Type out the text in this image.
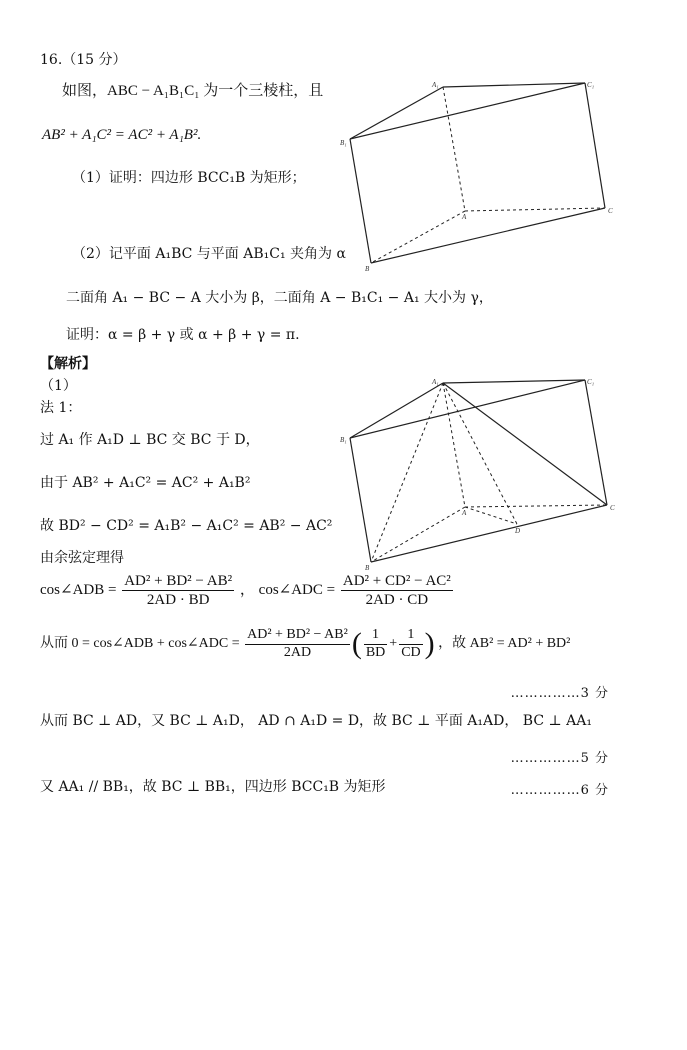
16.（15 分）
如图，ABC − A₁B₁C₁ 为一个三棱柱，且
AB² + A₁C² = AC² + A₁B².
（1）证明：四边形 BCC₁B 为矩形；
（2）记平面 A₁BC 与平面 AB₁C₁ 夹角为 α
二面角 A₁ − BC − A 大小为 β，二面角 A − B₁C₁ − A₁ 大小为 γ，
证明：α = β + γ 或 α + β + γ = π.
A₁	C₁
B₁
A
C
B
【解析】
（1）
法 1：
过 A₁ 作 A₁D ⊥ BC 交 BC 于 D，
由于 AB² + A₁C² = AC² + A₁B²
故 BD² − CD² = A₁B² − A₁C² = AB² − AC²
由余弦定理得
A₁	C₁
B₁
A
C
D
B
cos∠ADB = $\frac{\text{AD² + BD² − AB²}}{2AD \cdot BD}$ ， cos∠ADC = $\frac{\text{AD² + CD² − AC²}}{2AD \cdot CD}$
从而 0 = cos∠ADB + cos∠ADC = $\frac{\text{AD² + BD² − AB²}}{2AD}$ ( $\frac{1}{BD} + \frac{1}{CD}$ ) ，故 AB² = AD² + BD²
……………3 分
从而 BC ⊥ AD，又 BC ⊥ A₁D， AD ∩ A₁D = D，故 BC ⊥ 平面 A₁AD， BC ⊥ AA₁
……………5 分
又 AA₁ // BB₁，故 BC ⊥ BB₁，四边形 BCC₁B 为矩形	……………6 分
